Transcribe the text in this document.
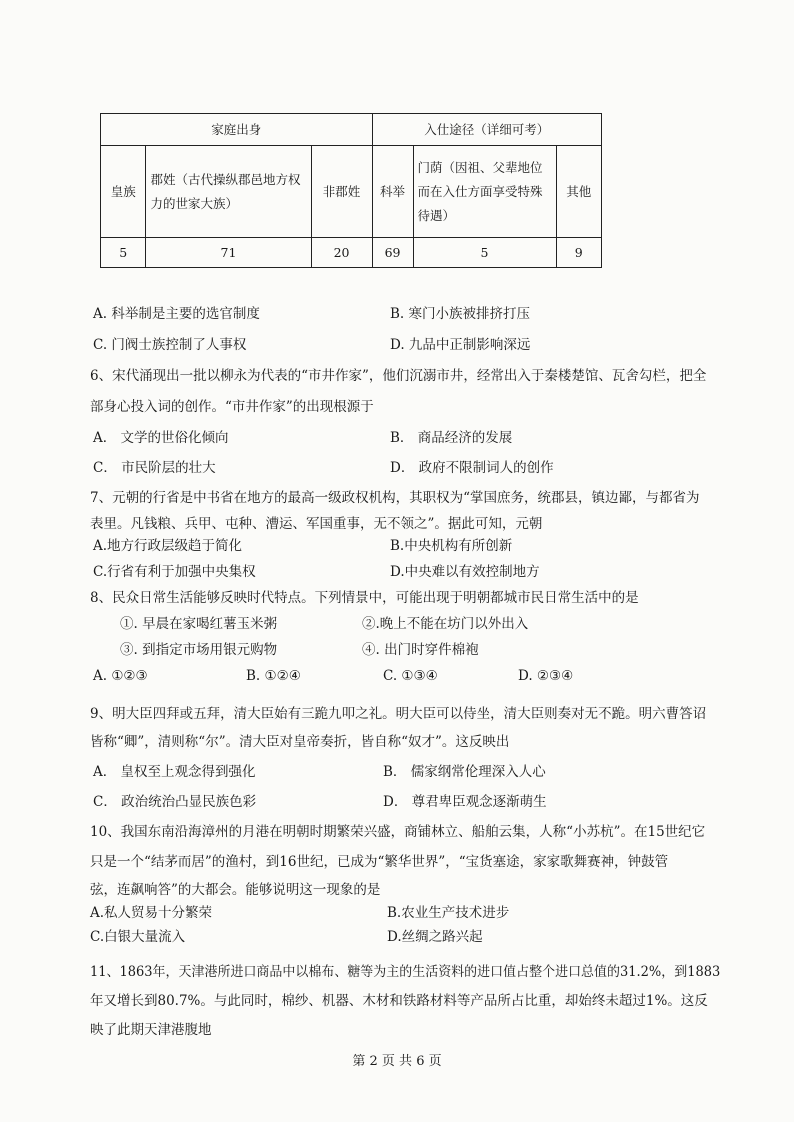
家庭出身			入仕途径（详细可考）		
皇族	郡姓（古代操纵郡邑地方权力的世家大族）	非郡姓	科举	门荫（因祖、父辈地位而在入仕方面享受特殊待遇）	其他
5	71	20	69	5	9
A. 科举制是主要的选官制度	B. 寒门小族被排挤打压
C. 门阀士族控制了人事权	D. 九品中正制影响深远
6、宋代涌现出一批以柳永为代表的“市井作家”，他们沉溺市井，经常出入于秦楼楚馆、瓦舍勾栏，把全
部身心投入词的创作。“市井作家”的出现根源于
A． 文学的世俗化倾向	B． 商品经济的发展
C． 市民阶层的壮大	D． 政府不限制词人的创作
7、元朝的行省是中书省在地方的最高一级政权机构，其职权为“掌国庶务，统郡县，镇边鄙，与都省为
表里。凡钱粮、兵甲、屯种、漕运、军国重事，无不领之”。据此可知，元朝
A.地方行政层级趋于简化	B.中央机构有所创新
C.行省有利于加强中央集权	D.中央难以有效控制地方
8、民众日常生活能够反映时代特点。下列情景中，可能出现于明朝都城市民日常生活中的是
①. 早晨在家喝红薯玉米粥	②.晚上不能在坊门以外出入
③. 到指定市场用银元购物	④. 出门时穿件棉袍
A. ①②③	B. ①②④	C. ①③④	D. ②③④
9、明大臣四拜或五拜，清大臣始有三跪九叩之礼。明大臣可以侍坐，清大臣则奏对无不跪。明六曹答诏
皆称“卿”，清则称“尔”。清大臣对皇帝奏折，皆自称“奴才”。这反映出
A． 皇权至上观念得到强化	B． 儒家纲常伦理深入人心
C． 政治统治凸显民族色彩	D． 尊君卑臣观念逐渐萌生
10、我国东南沿海漳州的月港在明朝时期繁荣兴盛，商铺林立、船舶云集，人称“小苏杭”。在15世纪它
只是一个“结茅而居”的渔村，到16世纪，已成为“繁华世界”，“宝货塞途，家家歌舞赛神，钟鼓管
弦，连飙响答”的大都会。能够说明这一现象的是
A.私人贸易十分繁荣	B.农业生产技术进步
C.白银大量流入	D.丝绸之路兴起
11、1863年，天津港所进口商品中以棉布、糖等为主的生活资料的进口值占整个进口总值的31.2%，到1883
年又增长到80.7%。与此同时，棉纱、机器、木材和铁路材料等产品所占比重，却始终未超过1%。这反
映了此期天津港腹地
第 2 页 共 6 页
